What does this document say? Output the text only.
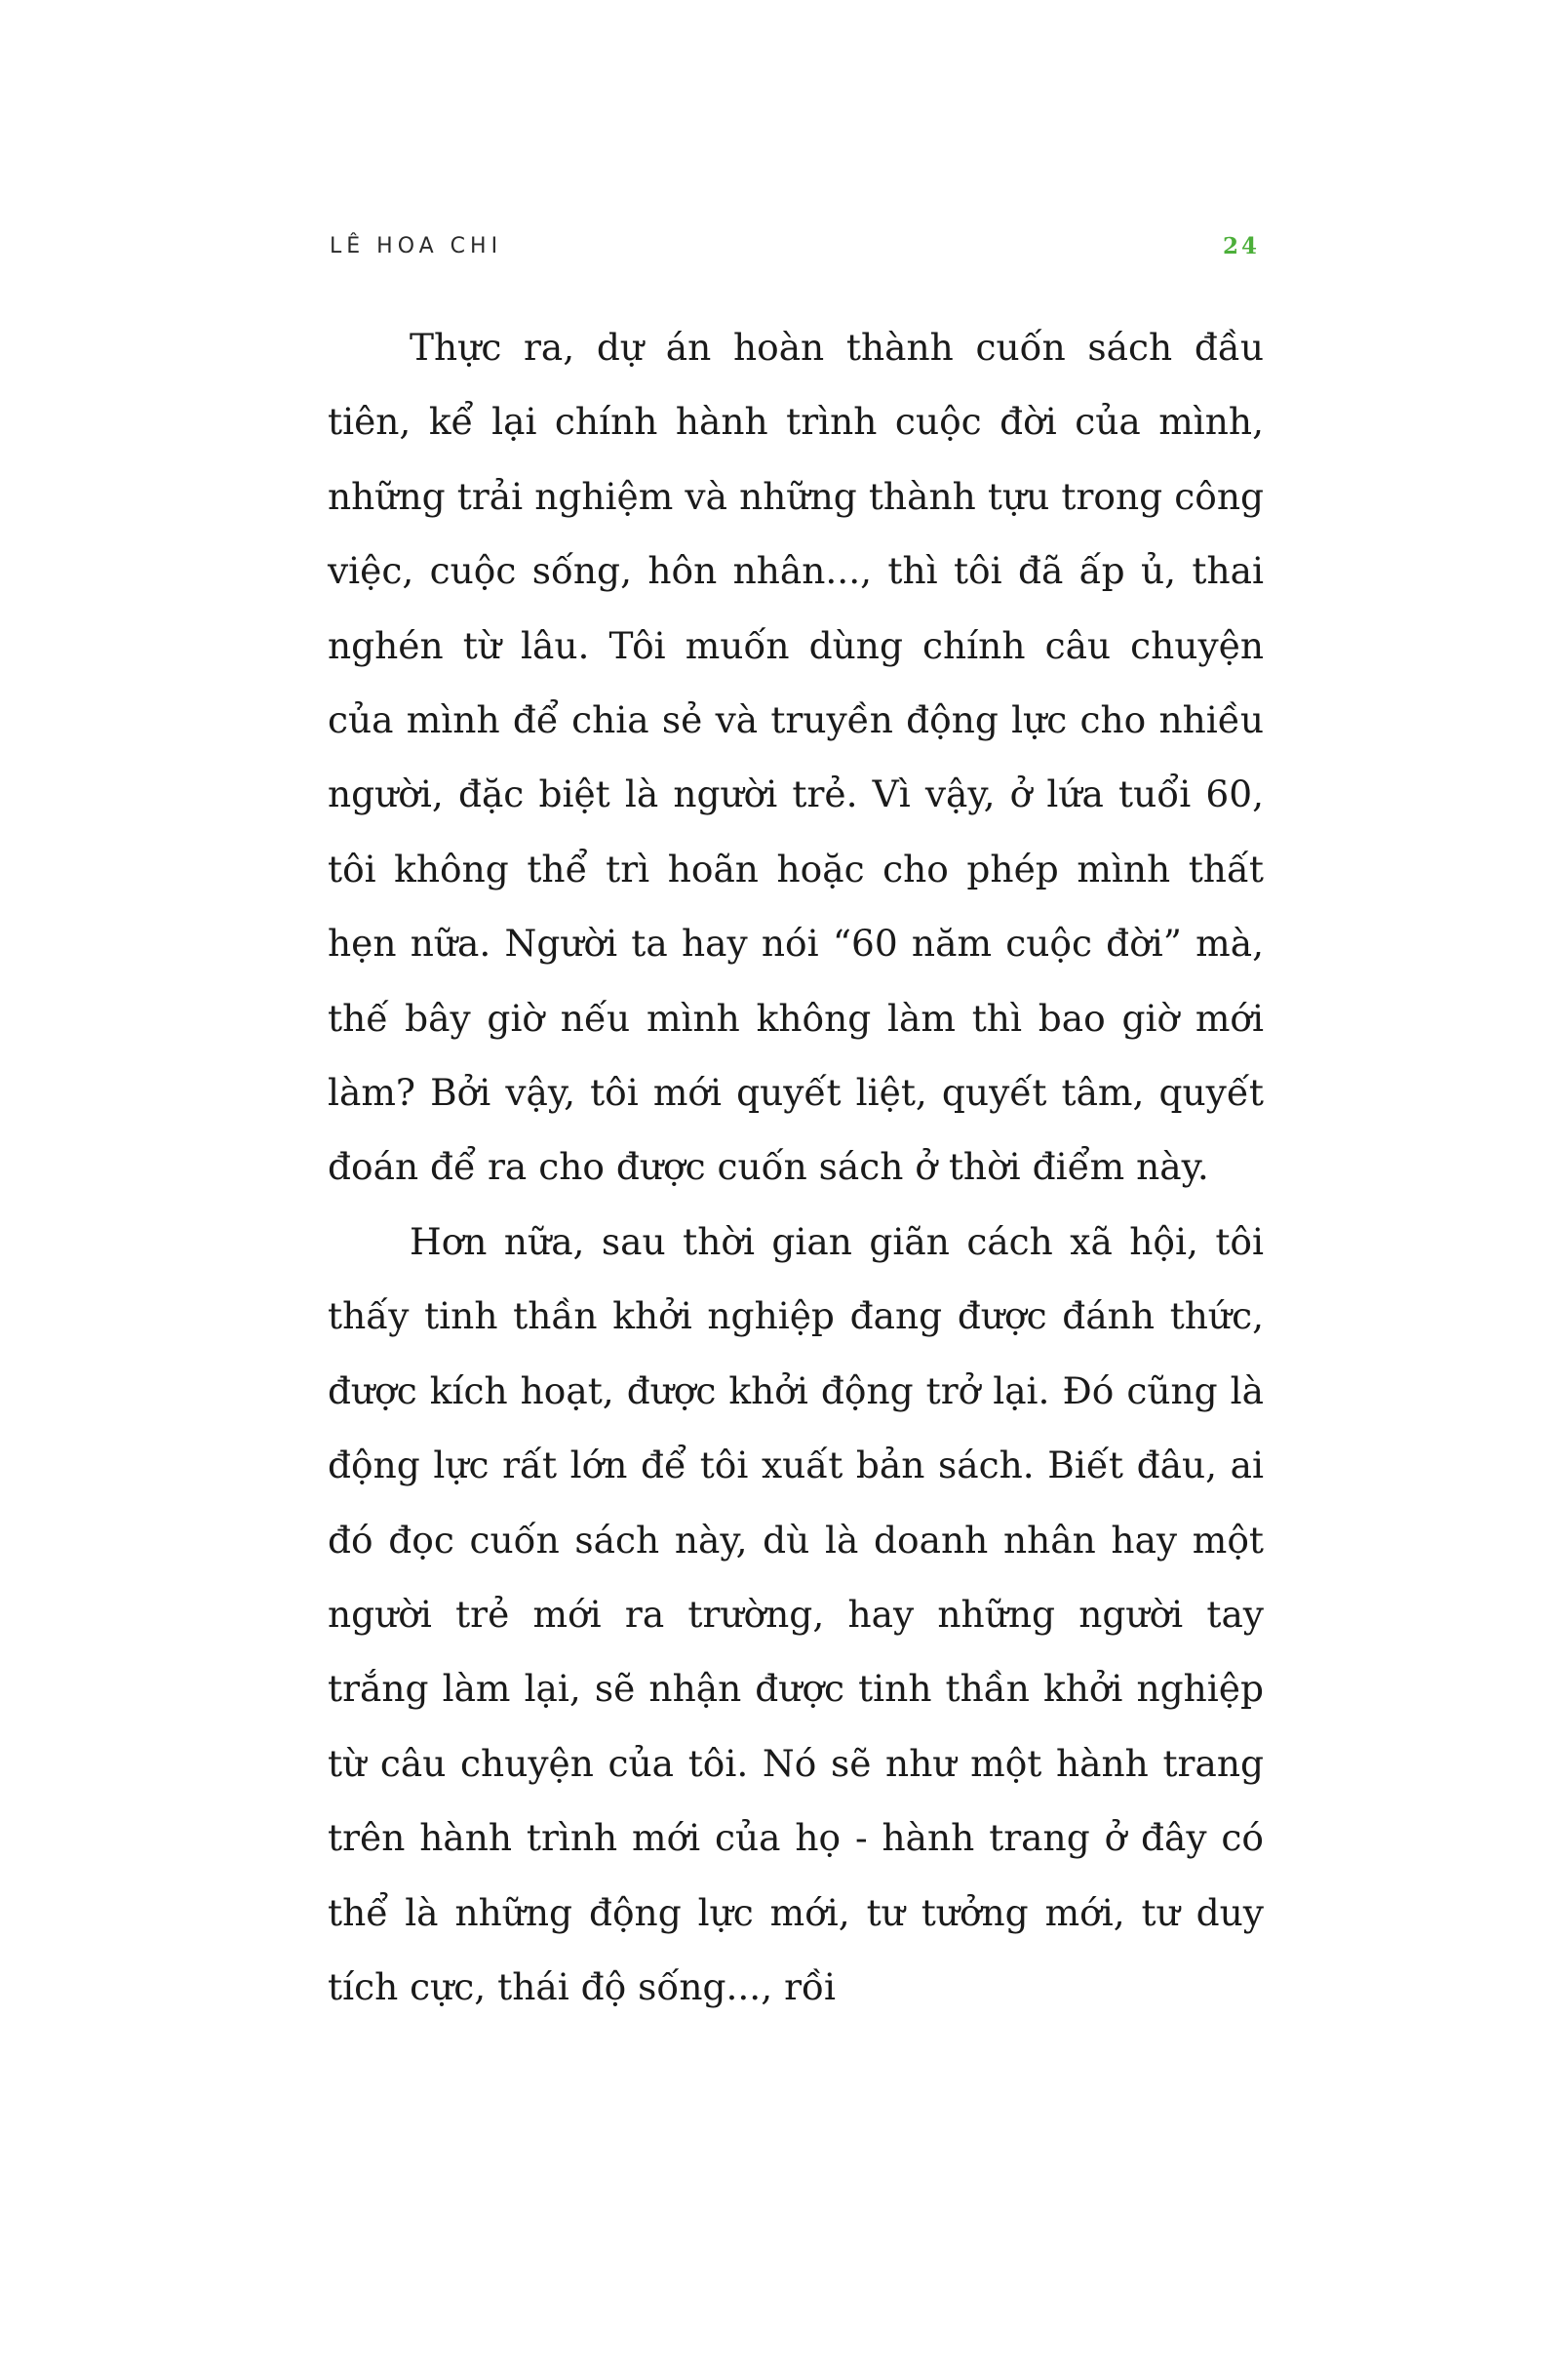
LÊ HOA CHI	24

Thực ra, dự án hoàn thành cuốn sách đầu tiên, kể lại chính hành trình cuộc đời của mình, những trải nghiệm và những thành tựu trong công việc, cuộc sống, hôn nhân..., thì tôi đã ấp ủ, thai nghén từ lâu. Tôi muốn dùng chính câu chuyện của mình để chia sẻ và truyền động lực cho nhiều người, đặc biệt là người trẻ. Vì vậy, ở lứa tuổi 60, tôi không thể trì hoãn hoặc cho phép mình thất hẹn nữa. Người ta hay nói “60 năm cuộc đời” mà, thế bây giờ nếu mình không làm thì bao giờ mới làm? Bởi vậy, tôi mới quyết liệt, quyết tâm, quyết đoán để ra cho được cuốn sách ở thời điểm này.

Hơn nữa, sau thời gian giãn cách xã hội, tôi thấy tinh thần khởi nghiệp đang được đánh thức, được kích hoạt, được khởi động trở lại. Đó cũng là động lực rất lớn để tôi xuất bản sách. Biết đâu, ai đó đọc cuốn sách này, dù là doanh nhân hay một người trẻ mới ra trường, hay những người tay trắng làm lại, sẽ nhận được tinh thần khởi nghiệp từ câu chuyện của tôi. Nó sẽ như một hành trang trên hành trình mới của họ - hành trang ở đây có thể là những động lực mới, tư tưởng mới, tư duy tích cực, thái độ sống..., rồi
